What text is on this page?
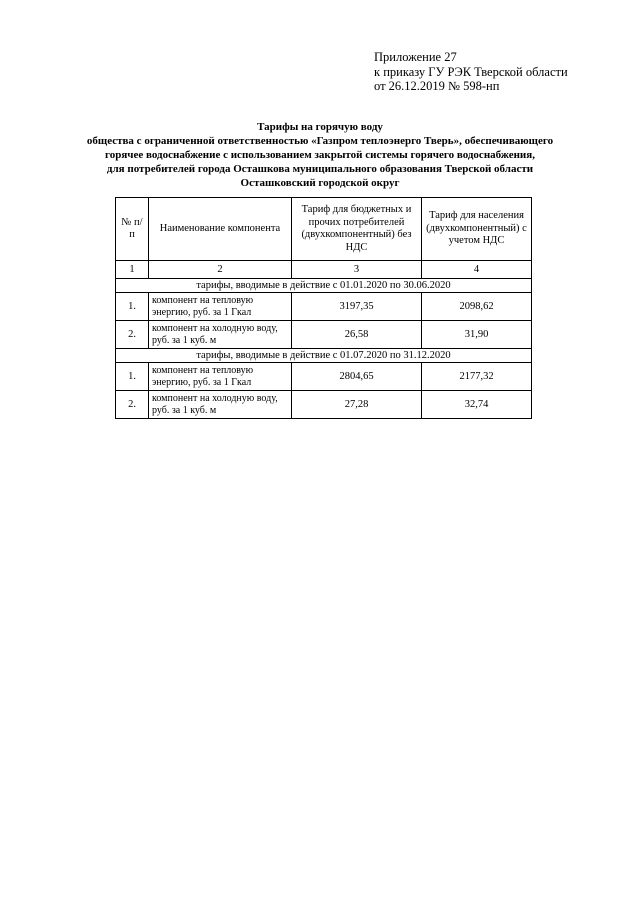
Приложение 27
к приказу ГУ РЭК Тверской области
от 26.12.2019 № 598-нп
Тарифы на горячую воду
общества с ограниченной ответственностью «Газпром теплоэнерго Тверь», обеспечивающего
горячее водоснабжение с использованием закрытой системы горячего водоснабжения,
для потребителей города Осташкова муниципального образования Тверской области
Осташковский городской округ
№ п/п	Наименование компонента	Тариф для бюджетных и прочих потребителей (двухкомпонентный) без НДС	Тариф для населения (двухкомпонентный) с учетом НДС
1	2	3	4
тарифы, вводимые в действие с 01.01.2020 по 30.06.2020			
1.	компонент на тепловую энергию, руб. за 1 Гкал	3197,35	2098,62
2.	компонент на холодную воду, руб. за 1 куб. м	26,58	31,90
тарифы, вводимые в действие с 01.07.2020 по 31.12.2020			
1.	компонент на тепловую энергию, руб. за 1 Гкал	2804,65	2177,32
2.	компонент на холодную воду, руб. за 1 куб. м	27,28	32,74
